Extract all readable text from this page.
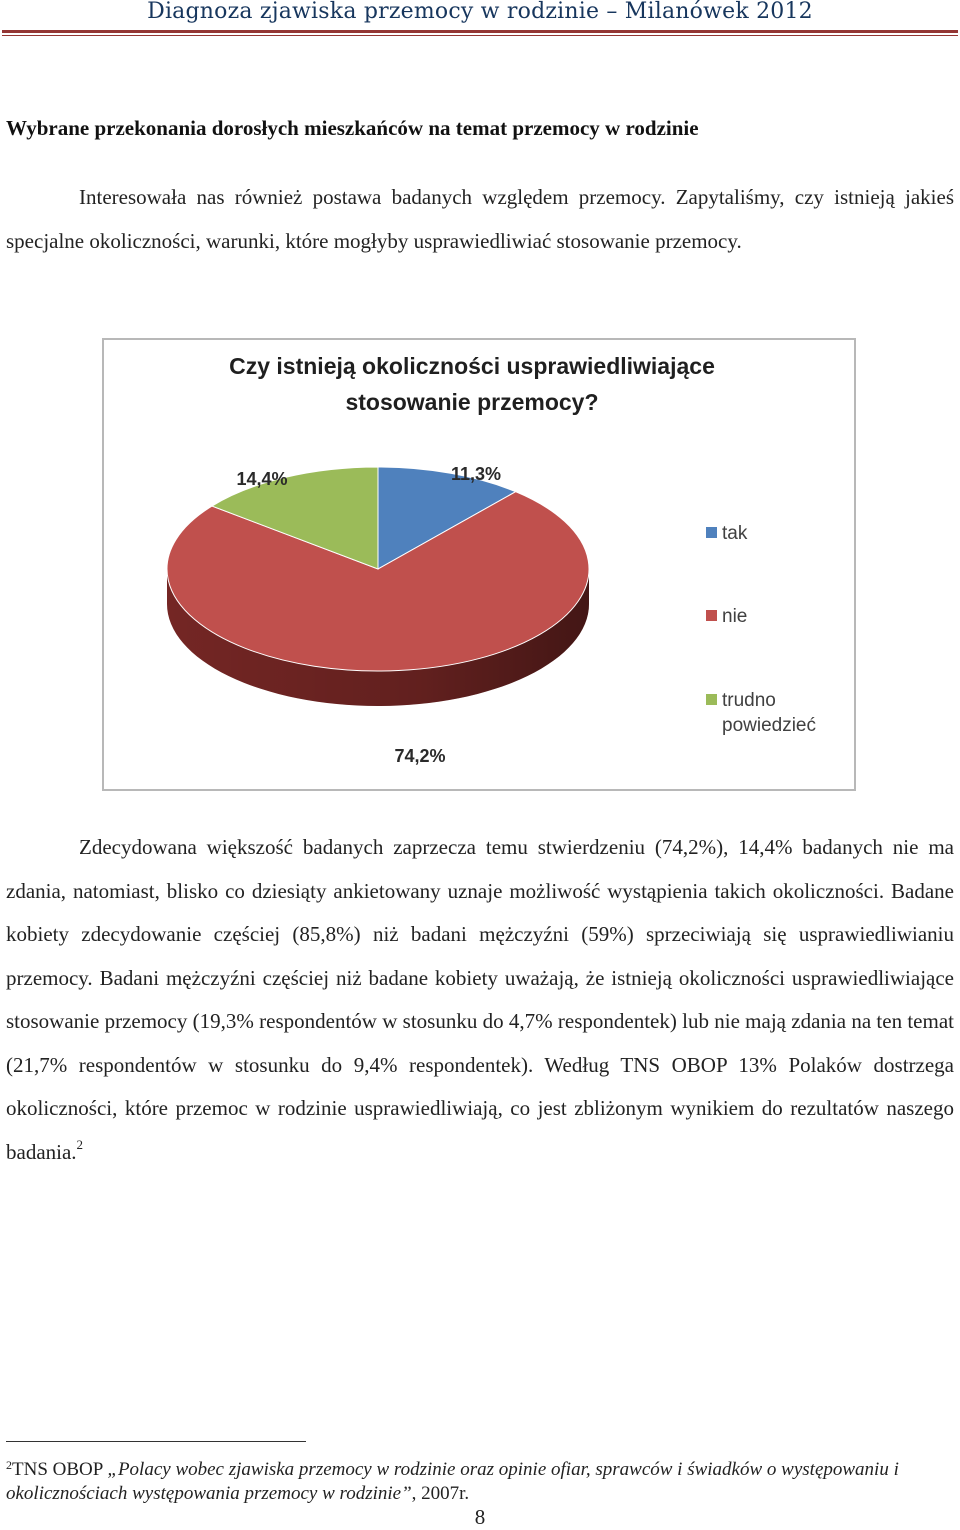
Diagnoza zjawiska przemocy w rodzinie – Milanówek 2012
Wybrane przekonania dorosłych mieszkańców na temat przemocy w rodzinie
Interesowała nas również postawa badanych względem przemocy. Zapytaliśmy, czy istnieją jakieś specjalne okoliczności, warunki, które mogłyby usprawiedliwiać stosowanie przemocy.
Czy istnieją okoliczności usprawiedliwiające
stosowanie przemocy?
11,3%
74,2%
14,4%
tak
nie
trudno
powiedzieć
Zdecydowana większość badanych zaprzecza temu stwierdzeniu (74,2%), 14,4% badanych nie ma zdania, natomiast, blisko co dziesiąty ankietowany uznaje możliwość wystąpienia takich okoliczności. Badane kobiety zdecydowanie częściej (85,8%) niż badani mężczyźni (59%) sprzeciwiają się usprawiedliwianiu przemocy. Badani mężczyźni częściej niż badane kobiety uważają, że istnieją okoliczności usprawiedliwiające stosowanie przemocy (19,3% respondentów w stosunku do 4,7% respondentek) lub nie mają zdania na ten temat (21,7% respondentów w stosunku do 9,4% respondentek). Według TNS OBOP 13% Polaków dostrzega okoliczności, które przemoc w rodzinie usprawiedliwiają, co jest zbliżonym wynikiem do rezultatów naszego badania.$^2$
$^2$TNS OBOP „Polacy wobec zjawiska przemocy w rodzinie oraz opinie ofiar, sprawców i świadków o występowaniu i okolicznościach występowania przemocy w rodzinie”, 2007r.
8
